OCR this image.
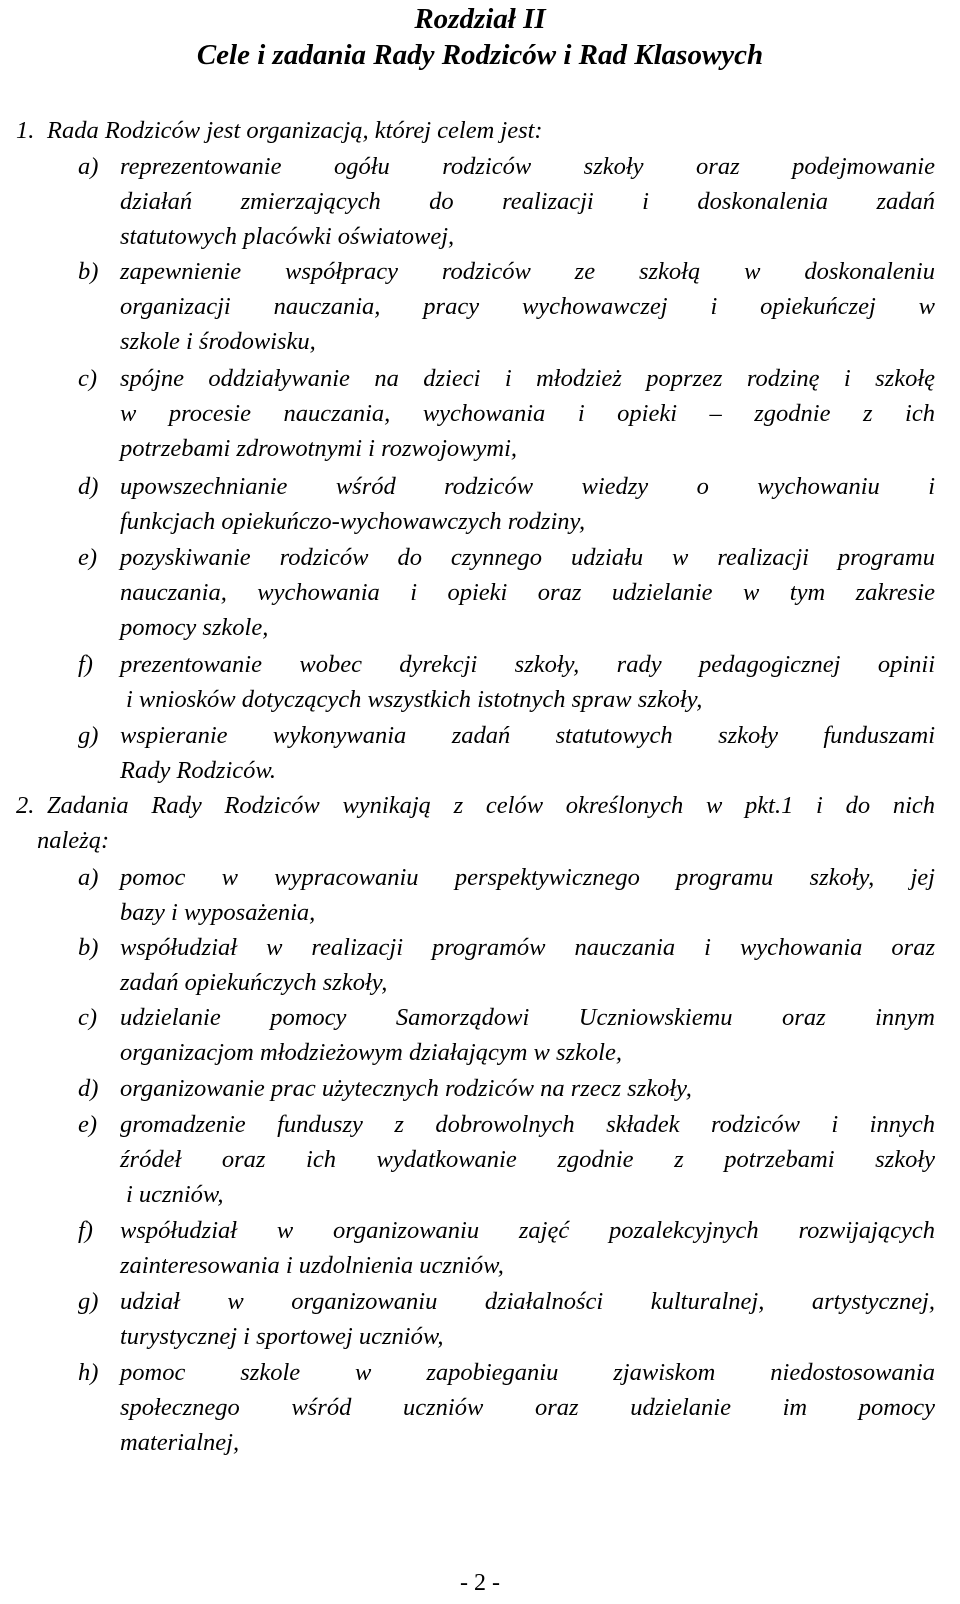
Rozdział II
Cele i zadania Rady Rodziców i Rad Klasowych
1. Rada Rodziców jest organizacją, której celem jest:
a) reprezentowanie ogółu rodziców szkoły oraz podejmowanie
działań zmierzających do realizacji i doskonalenia zadań
statutowych placówki oświatowej,
b) zapewnienie współpracy rodziców ze szkołą w doskonaleniu
organizacji nauczania, pracy wychowawczej i opiekuńczej w
szkole i środowisku,
c) spójne oddziaływanie na dzieci i młodzież poprzez rodzinę i szkołę
w procesie nauczania, wychowania i opieki – zgodnie z ich
potrzebami zdrowotnymi i rozwojowymi,
d) upowszechnianie wśród rodziców wiedzy o wychowaniu i
funkcjach opiekuńczo-wychowawczych rodziny,
e) pozyskiwanie rodziców do czynnego udziału w realizacji programu
nauczania, wychowania i opieki oraz udzielanie w tym zakresie
pomocy szkole,
f) prezentowanie wobec dyrekcji szkoły, rady pedagogicznej opinii
i wniosków dotyczących wszystkich istotnych spraw szkoły,
g) wspieranie wykonywania zadań statutowych szkoły funduszami
Rady Rodziców.
2. Zadania Rady Rodziców wynikają z celów określonych w pkt.1 i do nich
należą:
a) pomoc w wypracowaniu perspektywicznego programu szkoły, jej
bazy i wyposażenia,
b) współudział w realizacji programów nauczania i wychowania oraz
zadań opiekuńczych szkoły,
c) udzielanie pomocy Samorządowi Uczniowskiemu oraz innym
organizacjom młodzieżowym działającym w szkole,
d) organizowanie prac użytecznych rodziców na rzecz szkoły,
e) gromadzenie funduszy z dobrowolnych składek rodziców i innych
źródeł oraz ich wydatkowanie zgodnie z potrzebami szkoły
i uczniów,
f) współudział w organizowaniu zajęć pozalekcyjnych rozwijających
zainteresowania i uzdolnienia uczniów,
g) udział w organizowaniu działalności kulturalnej, artystycznej,
turystycznej i sportowej uczniów,
h) pomoc szkole w zapobieganiu zjawiskom niedostosowania
społecznego wśród uczniów oraz udzielanie im pomocy
materialnej,
- 2 -
